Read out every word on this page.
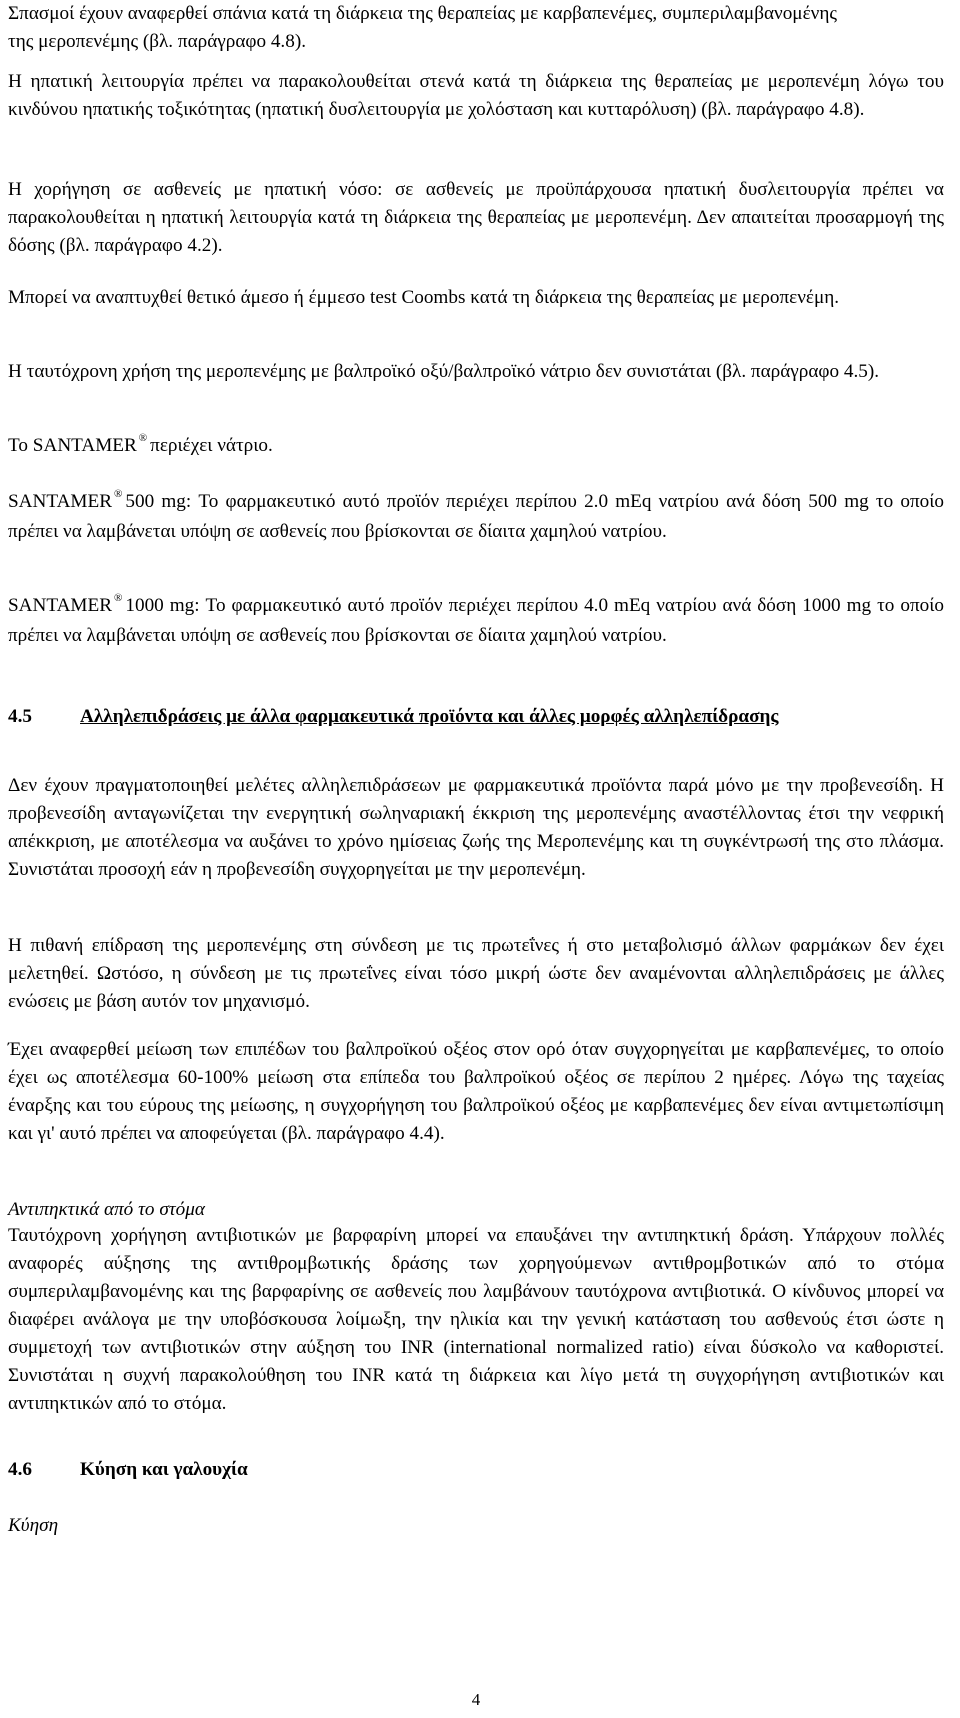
Σπασμοί έχουν αναφερθεί σπάνια κατά τη διάρκεια της θεραπείας με καρβαπενέμες, συμπεριλαμβανομένης της μεροπενέμης (βλ. παράγραφο 4.8).

Η ηπατική λειτουργία πρέπει να παρακολουθείται στενά κατά τη διάρκεια της θεραπείας με μεροπενέμη λόγω του κινδύνου ηπατικής τοξικότητας (ηπατική δυσλειτουργία με χολόσταση και κυτταρόλυση) (βλ. παράγραφο 4.8).

Η χορήγηση σε ασθενείς με ηπατική νόσο: σε ασθενείς με προϋπάρχουσα ηπατική δυσλειτουργία πρέπει να παρακολουθείται η ηπατική λειτουργία κατά τη διάρκεια της θεραπείας με μεροπενέμη. Δεν απαιτείται προσαρμογή της δόσης (βλ. παράγραφο 4.2).

Μπορεί να αναπτυχθεί θετικό άμεσο ή έμμεσο test Coombs κατά τη διάρκεια της θεραπείας με μεροπενέμη.

Η ταυτόχρονη χρήση της μεροπενέμης με βαλπροϊκό οξύ/βαλπροϊκό νάτριο δεν συνιστάται (βλ. παράγραφο 4.5).

Το SANTAMER ® περιέχει νάτριο.

SANTAMER ® 500 mg: Το φαρμακευτικό αυτό προϊόν περιέχει περίπου 2.0 mEq νατρίου ανά δόση 500 mg το οποίο πρέπει να λαμβάνεται υπόψη σε ασθενείς που βρίσκονται σε δίαιτα χαμηλού νατρίου.

SANTAMER ® 1000 mg: Το φαρμακευτικό αυτό προϊόν περιέχει περίπου 4.0 mEq νατρίου ανά δόση 1000 mg το οποίο πρέπει να λαμβάνεται υπόψη σε ασθενείς που βρίσκονται σε δίαιτα χαμηλού νατρίου.

4.5	Αλληλεπιδράσεις με άλλα φαρμακευτικά προϊόντα και άλλες μορφές αλληλεπίδρασης

Δεν έχουν πραγματοποιηθεί μελέτες αλληλεπιδράσεων με φαρμακευτικά προϊόντα παρά μόνο με την προβενεσίδη. Η προβενεσίδη ανταγωνίζεται την ενεργητική σωληναριακή έκκριση της μεροπενέμης αναστέλλοντας έτσι την νεφρική απέκκριση, με αποτέλεσμα να αυξάνει το χρόνο ημίσειας ζωής της Μεροπενέμης και τη συγκέντρωσή της στο πλάσμα. Συνιστάται προσοχή εάν η προβενεσίδη συγχορηγείται με την μεροπενέμη.

Η πιθανή επίδραση της μεροπενέμης στη σύνδεση με τις πρωτεΐνες ή στο μεταβολισμό άλλων φαρμάκων δεν έχει μελετηθεί. Ωστόσο, η σύνδεση με τις πρωτεΐνες είναι τόσο μικρή ώστε δεν αναμένονται αλληλεπιδράσεις με άλλες ενώσεις με βάση αυτόν τον μηχανισμό.

Έχει αναφερθεί μείωση των επιπέδων του βαλπροϊκού οξέος στον ορό όταν συγχορηγείται με καρβαπενέμες, το οποίο έχει ως αποτέλεσμα 60-100% μείωση στα επίπεδα του βαλπροϊκού οξέος σε περίπου 2 ημέρες. Λόγω της ταχείας έναρξης και του εύρους της μείωσης, η συγχορήγηση του βαλπροϊκού οξέος με καρβαπενέμες δεν είναι αντιμετωπίσιμη και γι' αυτό πρέπει να αποφεύγεται (βλ. παράγραφο 4.4).

Αντιπηκτικά από το στόμα

Ταυτόχρονη χορήγηση αντιβιοτικών με βαρφαρίνη μπορεί να επαυξάνει την αντιπηκτική δράση. Υπάρχουν πολλές αναφορές αύξησης της αντιθρομβωτικής δράσης των χορηγούμενων αντιθρομβοτικών από το στόμα συμπεριλαμβανομένης και της βαρφαρίνης σε ασθενείς που λαμβάνουν ταυτόχρονα αντιβιοτικά. Ο κίνδυνος μπορεί να διαφέρει ανάλογα με την υποβόσκουσα λοίμωξη, την ηλικία και την γενική κατάσταση του ασθενούς έτσι ώστε η συμμετοχή των αντιβιοτικών στην αύξηση του INR (international normalized ratio) είναι δύσκολο να καθοριστεί. Συνιστάται η συχνή παρακολούθηση του INR κατά τη διάρκεια και λίγο μετά τη συγχορήγηση αντιβιοτικών και αντιπηκτικών από το στόμα.

4.6	Κύηση και γαλουχία

Κύηση

4
